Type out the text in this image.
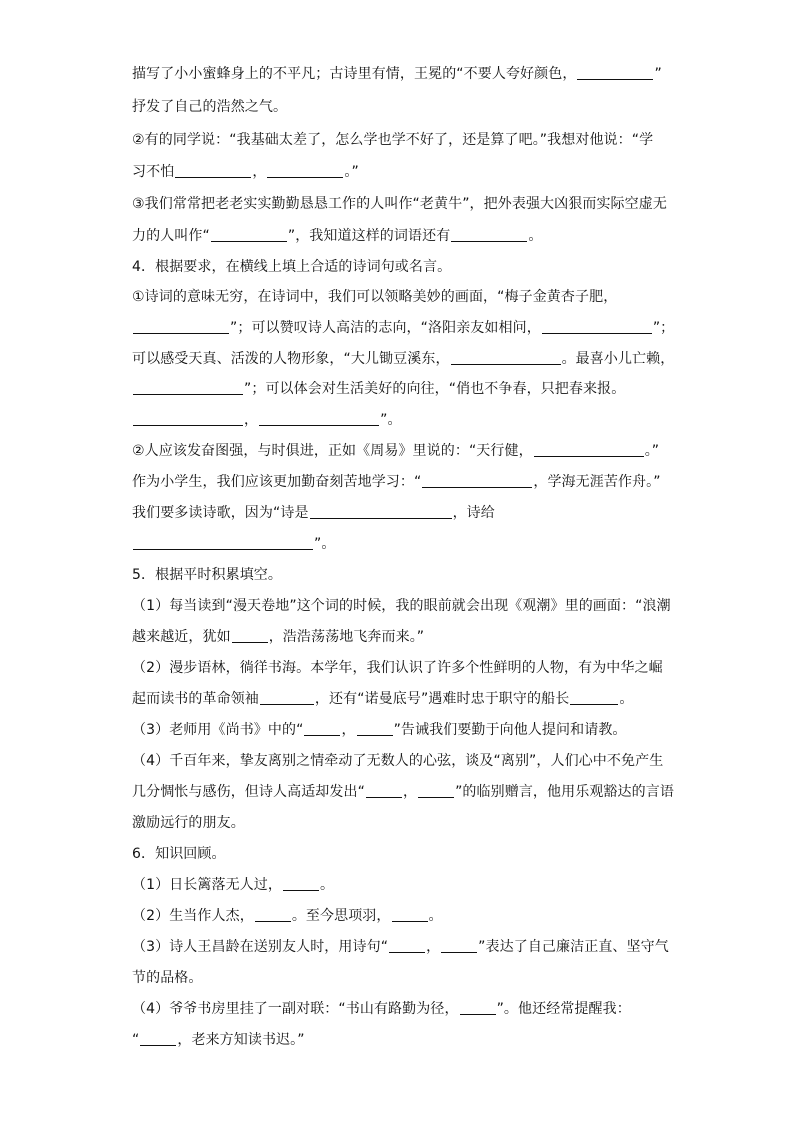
描写了小小蜜蜂身上的不平凡；古诗里有情，王冕的“不要人夸好颜色，	”
抒发了自己的浩然之气。
②有的同学说：“我基础太差了，怎么学也学不好了，还是算了吧。”我想对他说：“学
习不怕	，	。”
③我们常常把老老实实勤勤恳恳工作的人叫作“老黄牛”，把外表强大凶狠而实际空虚无
力的人叫作“	”，我知道这样的词语还有	。
4．根据要求，在横线上填上合适的诗词句或名言。
①诗词的意味无穷，在诗词中，我们可以领略美妙的画面，“梅子金黄杏子肥，
”；可以赞叹诗人高洁的志向，“洛阳亲友如相问，	”；
可以感受天真、活泼的人物形象，“大儿锄豆溪东，	。最喜小儿亡赖，
”；可以体会对生活美好的向往，“俏也不争春，只把春来报。
，	”。
②人应该发奋图强，与时俱进，正如《周易》里说的：“天行健，	。”
作为小学生，我们应该更加勤奋刻苦地学习：“	，学海无涯苦作舟。”
我们要多读诗歌，因为“诗是	，诗给
”。
5．根据平时积累填空。
（1）每当读到“漫天卷地”这个词的时候，我的眼前就会出现《观潮》里的画面：“浪潮
越来越近，犹如	，浩浩荡荡地飞奔而来。”
（2）漫步语林，徜徉书海。本学年，我们认识了许多个性鲜明的人物，有为中华之崛
起而读书的革命领袖	，还有“诺曼底号”遇难时忠于职守的船长	。
（3）老师用《尚书》中的“	，	”告诫我们要勤于向他人提问和请教。
（4）千百年来，挚友离别之情牵动了无数人的心弦，谈及“离别”，人们心中不免产生
几分惆怅与感伤，但诗人高适却发出“	，	”的临别赠言，他用乐观豁达的言语
激励远行的朋友。
6．知识回顾。
（1）日长篱落无人过，	。
（2）生当作人杰，	。至今思项羽，	。
（3）诗人王昌龄在送别友人时，用诗句“	，	”表达了自己廉洁正直、坚守气
节的品格。
（4）爷爷书房里挂了一副对联：“书山有路勤为径，	”。他还经常提醒我：
“	，老来方知读书迟。”
